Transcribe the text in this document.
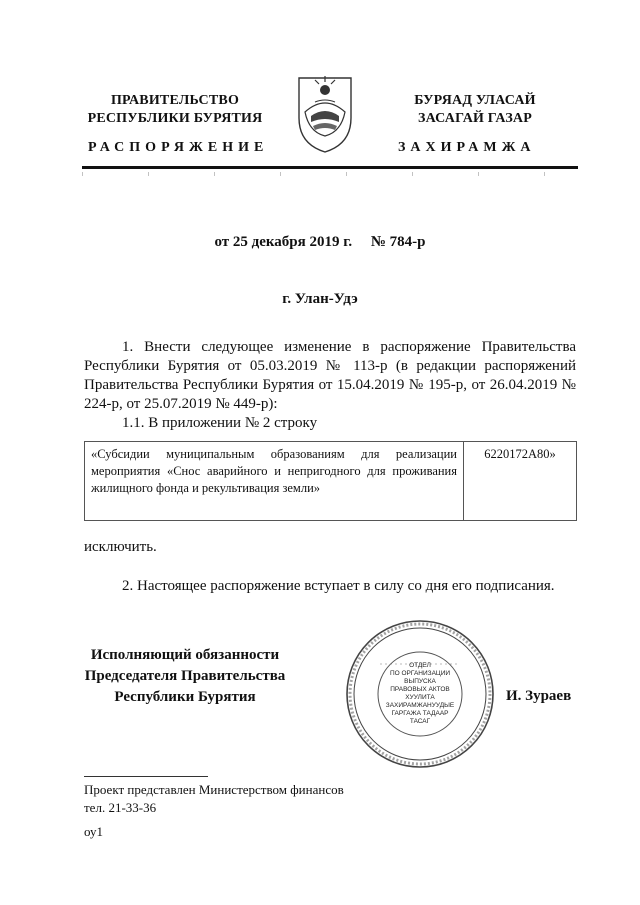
ПРАВИТЕЛЬСТВО
РЕСПУБЛИКИ БУРЯТИЯ
БУРЯАД УЛАСАЙ
ЗАСАГАЙ ГАЗАР
РАСПОРЯЖЕНИЕ	ЗАХИРАМЖА
от 25 декабря 2019 г.     № 784-р
г. Улан-Удэ
1. Внести следующее изменение в распоряжение Правительства Республики Бурятия от 05.03.2019 № 113-р (в редакции распоряжений Правительства Республики Бурятия от 15.04.2019 № 195-р, от 26.04.2019 № 224-р, от 25.07.2019 № 449-р):
1.1. В приложении № 2 строку
«Субсидии муниципальным образованиям для реализации мероприятия «Снос аварийного и непригодного для проживания жилищного фонда и рекультивация земли»	6220172A80»
исключить.
2. Настоящее распоряжение вступает в силу со дня его подписания.
Исполняющий обязанности
Председателя Правительства
Республики Бурятия
ОТДЕЛ
ПО ОРГАНИЗАЦИИ
ВЫПУСКА
ПРАВОВЫХ АКТОВ
ХУУЛИТА
ЗАХИРАМЖАНУУДЫЕ
ГАРГАЖА ТАДААР
ТАСАГ
И. Зураев
Проект представлен Министерством финансов
тел. 21-33-36
оу1
